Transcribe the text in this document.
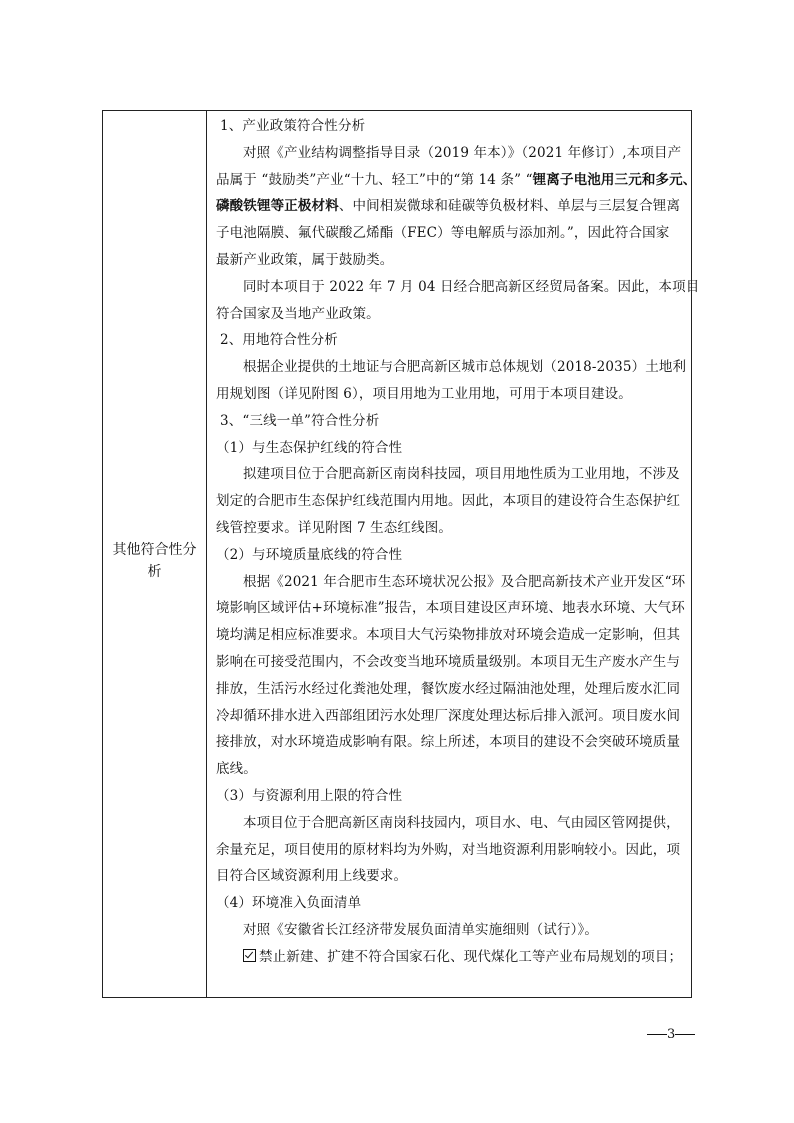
其他符合性分析
1、产业政策符合性分析
对照《产业结构调整指导目录（2019 年本）》（2021 年修订）,本项目产
品属于 “鼓励类”产业“十九、轻工”中的“第 14 条” “锂离子电池用三元和多元、
磷酸铁锂等正极材料、中间相炭微球和硅碳等负极材料、单层与三层复合锂离
子电池隔膜、氟代碳酸乙烯酯（FEC）等电解质与添加剂。”，因此符合国家
最新产业政策，属于鼓励类。
同时本项目于 2022 年 7 月 04 日经合肥高新区经贸局备案。因此，本项目
符合国家及当地产业政策。
2、用地符合性分析
根据企业提供的土地证与合肥高新区城市总体规划（2018-2035）土地利
用规划图（详见附图 6），项目用地为工业用地，可用于本项目建设。
3、“三线一单”符合性分析
（1）与生态保护红线的符合性
拟建项目位于合肥高新区南岗科技园，项目用地性质为工业用地，不涉及
划定的合肥市生态保护红线范围内用地。因此，本项目的建设符合生态保护红
线管控要求。详见附图 7 生态红线图。
（2）与环境质量底线的符合性
根据《2021 年合肥市生态环境状况公报》及合肥高新技术产业开发区“环
境影响区域评估+环境标准”报告，本项目建设区声环境、地表水环境、大气环
境均满足相应标准要求。本项目大气污染物排放对环境会造成一定影响，但其
影响在可接受范围内，不会改变当地环境质量级别。本项目无生产废水产生与
排放，生活污水经过化粪池处理，餐饮废水经过隔油池处理，处理后废水汇同
冷却循环排水进入西部组团污水处理厂深度处理达标后排入派河。项目废水间
接排放，对水环境造成影响有限。综上所述，本项目的建设不会突破环境质量
底线。
（3）与资源利用上限的符合性
本项目位于合肥高新区南岗科技园内，项目水、电、气由园区管网提供，
余量充足，项目使用的原材料均为外购，对当地资源利用影响较小。因此，项
目符合区域资源利用上线要求。
（4）环境准入负面清单
对照《安徽省长江经济带发展负面清单实施细则（试行）》。
禁止新建、扩建不符合国家石化、现代煤化工等产业布局规划的项目；
3
